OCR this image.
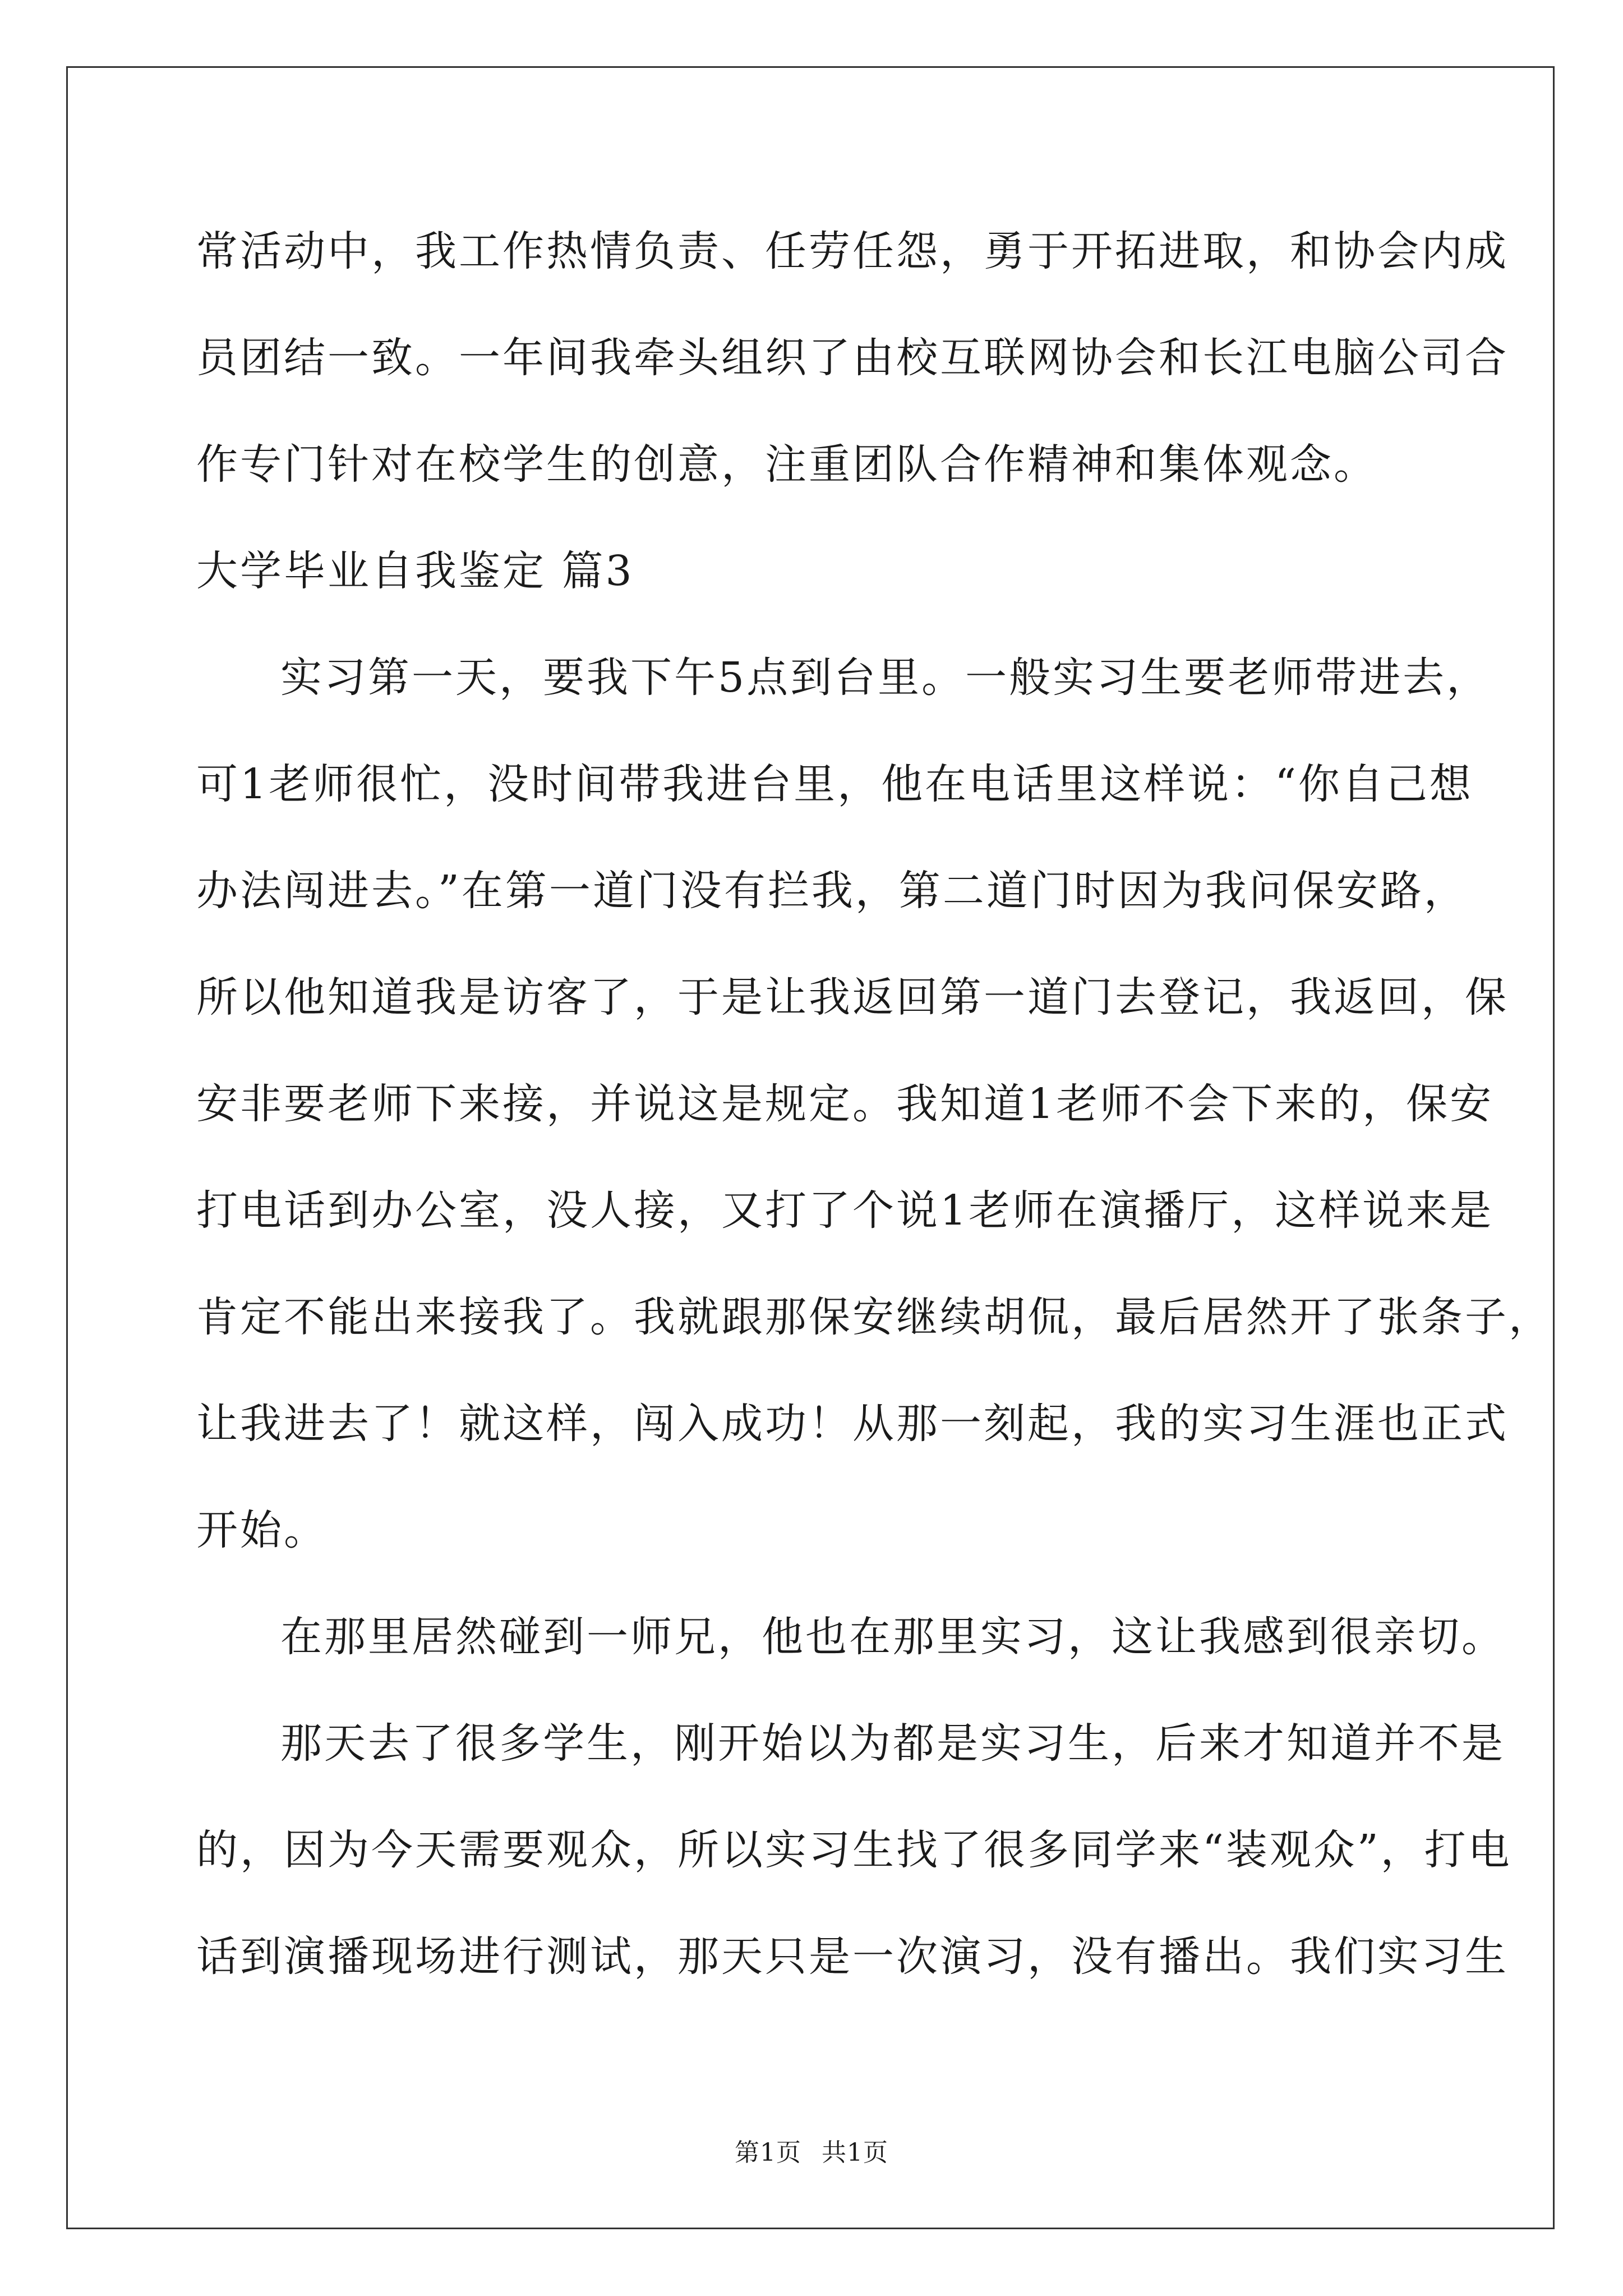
常活动中，我工作热情负责、任劳任怨，勇于开拓进取，和协会内成
员团结一致。一年间我牵头组织了由校互联网协会和长江电脑公司合
作专门针对在校学生的创意，注重团队合作精神和集体观念。
大学毕业自我鉴定 篇3
实习第一天，要我下午5点到台里。一般实习生要老师带进去，
可1老师很忙，没时间带我进台里，他在电话里这样说：“你自己想
办法闯进去。”在第一道门没有拦我，第二道门时因为我问保安路，
所以他知道我是访客了，于是让我返回第一道门去登记，我返回，保
安非要老师下来接，并说这是规定。我知道1老师不会下来的，保安
打电话到办公室，没人接，又打了个说1老师在演播厅，这样说来是
肯定不能出来接我了。我就跟那保安继续胡侃，最后居然开了张条子，
让我进去了！就这样，闯入成功！从那一刻起，我的实习生涯也正式
开始。
在那里居然碰到一师兄，他也在那里实习，这让我感到很亲切。
那天去了很多学生，刚开始以为都是实习生，后来才知道并不是
的，因为今天需要观众，所以实习生找了很多同学来“装观众”，打电
话到演播现场进行测试，那天只是一次演习，没有播出。我们实习生
第1页 共1页
